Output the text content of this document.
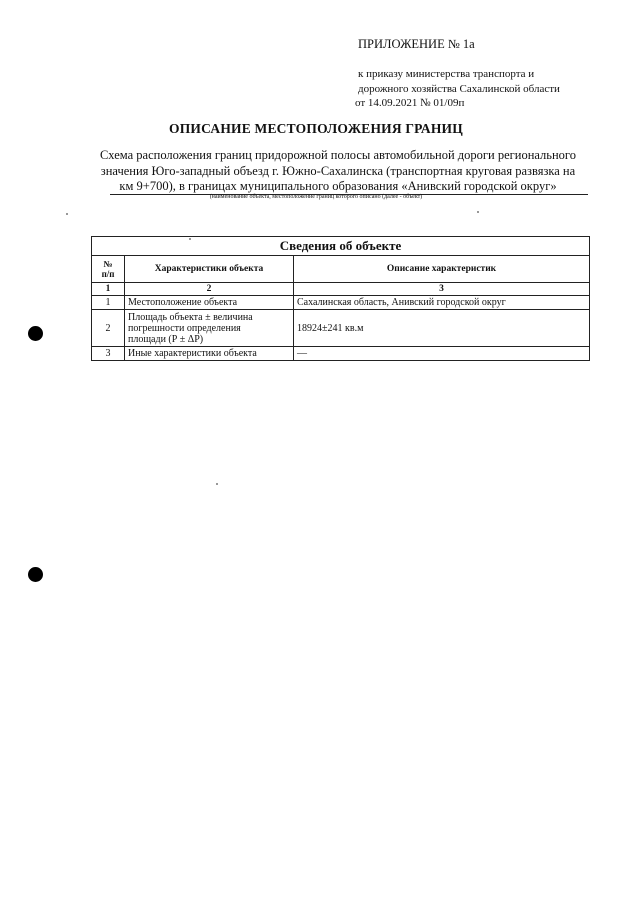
ПРИЛОЖЕНИЕ № 1а
к приказу министерства транспорта и
дорожного хозяйства Сахалинской области
от 14.09.2021 № 01/09п
ОПИСАНИЕ МЕСТОПОЛОЖЕНИЯ ГРАНИЦ
Схема расположения границ придорожной полосы автомобильной дороги регионального
значения Юго-западный объезд г. Южно-Сахалинска (транспортная круговая развязка на
км 9+700), в границах муниципального образования «Анивский городской округ»
(наименование объекта, местоположение границ которого описано (далее - объект)
Сведения об объекте		

№
п/п	Характеристики объекта	Описание характеристик
1	2	3
1	Местоположение объекта	Сахалинская область, Анивский городской округ
2	Площадь объекта ± величина
погрешности определения
площади (Р ± ΔР)	18924±241 кв.м
3	Иные характеристики объекта	—
